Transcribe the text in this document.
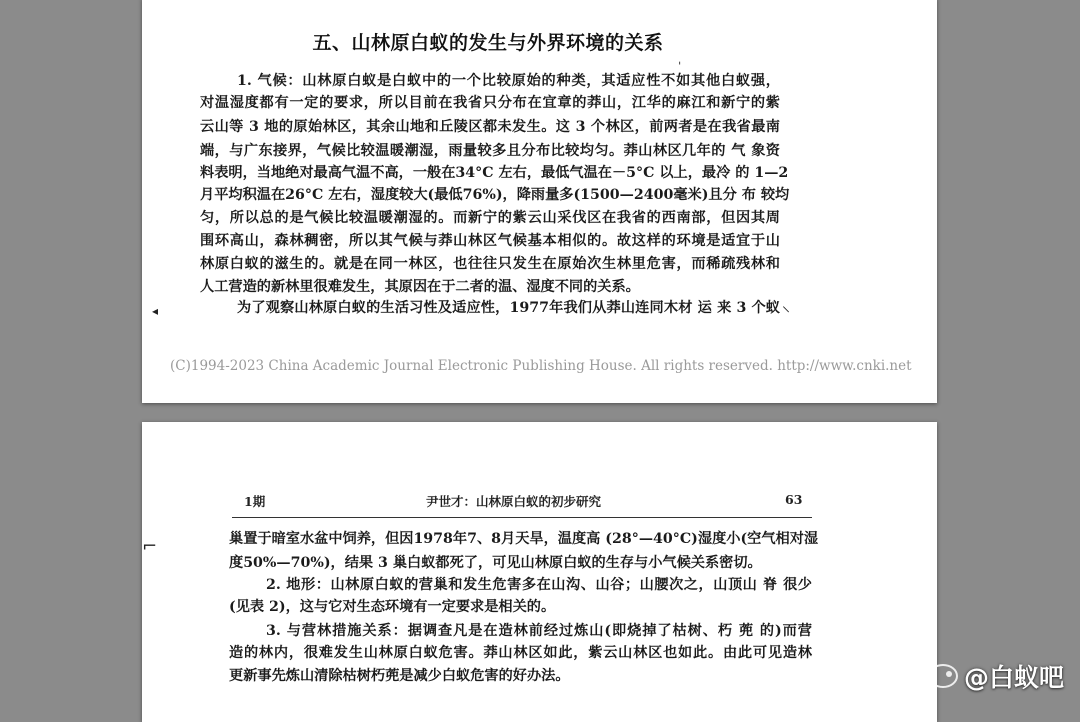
五、山林原白蚁的发生与外界环境的关系
ˌ
1. 气候：山林原白蚁是白蚁中的一个比较原始的种类，其适应性不如其他白蚁强，
对温湿度都有一定的要求，所以目前在我省只分布在宜章的莽山，江华的麻江和新宁的紫
云山等 3 地的原始林区，其余山地和丘陵区都未发生。这 3 个林区，前两者是在我省最南
端，与广东接界，气候比较温暖潮湿，雨量较多且分布比较均匀。莽山林区几年的 气 象资
料表明，当地绝对最高气温不高，一般在34°C 左右，最低气温在－5°C 以上，最冷 的 1—2
月平均积温在26°C 左右，湿度较大(最低76%)，降雨量多(1500—2400毫米)且分 布 较均
匀，所以总的是气候比较温暖潮湿的。而新宁的紫云山采伐区在我省的西南部，但因其周
围环高山，森林稠密，所以其气候与莽山林区气候基本相似的。故这样的环境是适宜于山
林原白蚁的滋生的。就是在同一林区，也往往只发生在原始次生林里危害，而稀疏残林和
人工营造的新林里很难发生，其原因在于二者的温、湿度不同的关系。
为了观察山林原白蚁的生活习性及适应性，1977年我们从莽山连同木材 运 来 3 个蚁
◂	⸜
(C)1994-2023 China Academic Journal Electronic Publishing House. All rights reserved. http://www.cnki.net
1期	尹世才：山林原白蚁的初步研究	63
⌐	巢置于暗室水盆中饲养，但因1978年7、8月天旱，温度高 (28°—40°C)湿度小(空气相对湿
度50%—70%)，结果 3 巢白蚁都死了，可见山林原白蚁的生存与小气候关系密切。
2. 地形：山林原白蚁的营巢和发生危害多在山沟、山谷；山腰次之，山顶山 脊 很少
(见表 2)，这与它对生态环境有一定要求是相关的。
3. 与营林措施关系：据调查凡是在造林前经过炼山(即烧掉了枯树、朽 蔸 的)而营
造的林内，很难发生山林原白蚁危害。莽山林区如此，紫云山林区也如此。由此可见造林
更新事先炼山清除枯树朽蔸是减少白蚁危害的好办法。	@白蚁吧
